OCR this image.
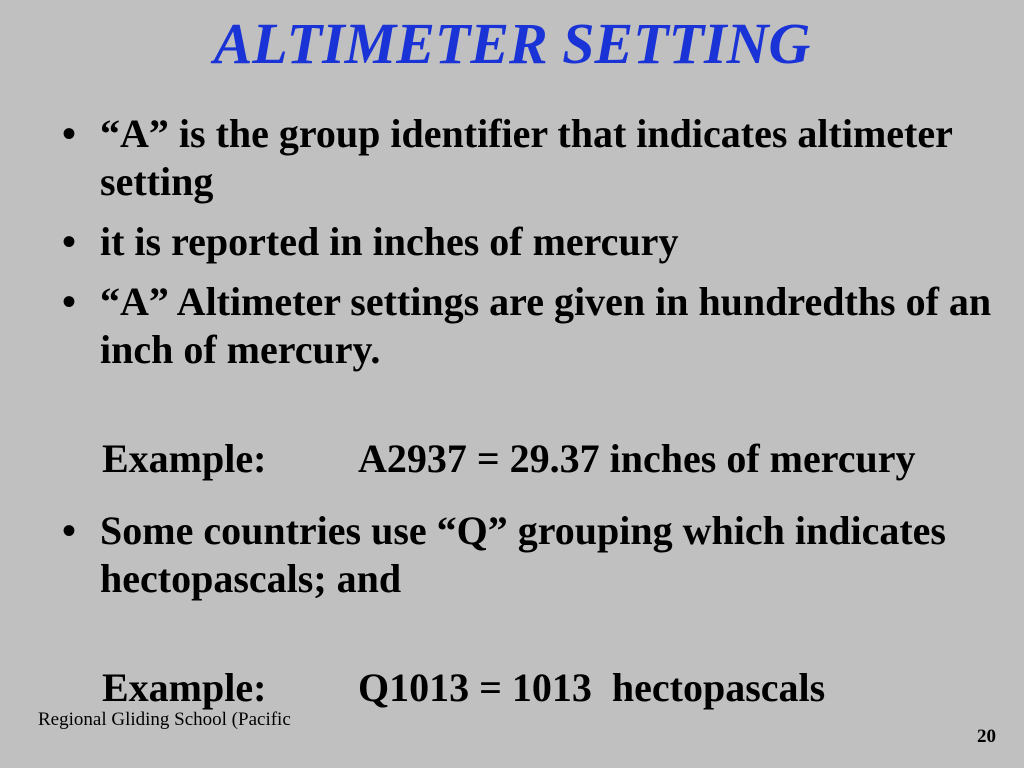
ALTIMETER SETTING
• “A” is the group identifier that indicates altimeter setting
• it is reported in inches of mercury
• “A” Altimeter settings are given in hundredths of an inch of mercury.

Example: A2937 = 29.37 inches of mercury

• Some countries use “Q” grouping which indicates hectopascals; and

Example: Q1013 = 1013  hectopascals

Regional Gliding School (Pacific
20
